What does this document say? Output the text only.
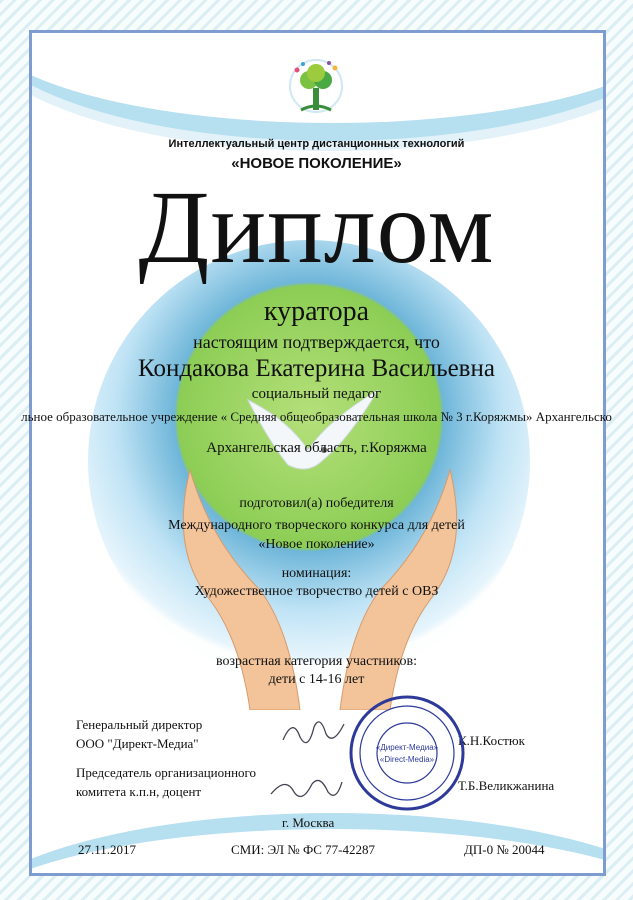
Интеллектуальный центр дистанционных технологий
«НОВОЕ ПОКОЛЕНИЕ»
Диплом
куратора
настоящим подтверждается, что
Кондакова Екатерина Васильевна
социальный педагог
льное образовательное учреждение « Средняя общеобразовательная школа № 3 г.Коряжмы» Архангельско
Архангельская область, г.Коряжма
подготовил(а) победителя
Международного творческого конкурса для детей
«Новое поколение»
номинация:
Художественное творчество детей с ОВЗ
возрастная категория участников:
дети с 14-16 лет
Генеральный директор
ООО "Директ-Медиа"
Председатель организационного
комитета к.п.н, доцент
К.Н.Костюк
Т.Б.Великжанина
г. Москва
«Директ-Медиа»
«Direct-Media»
27.11.2017	СМИ: ЭЛ № ФС 77-42287	ДП-0 № 20044
